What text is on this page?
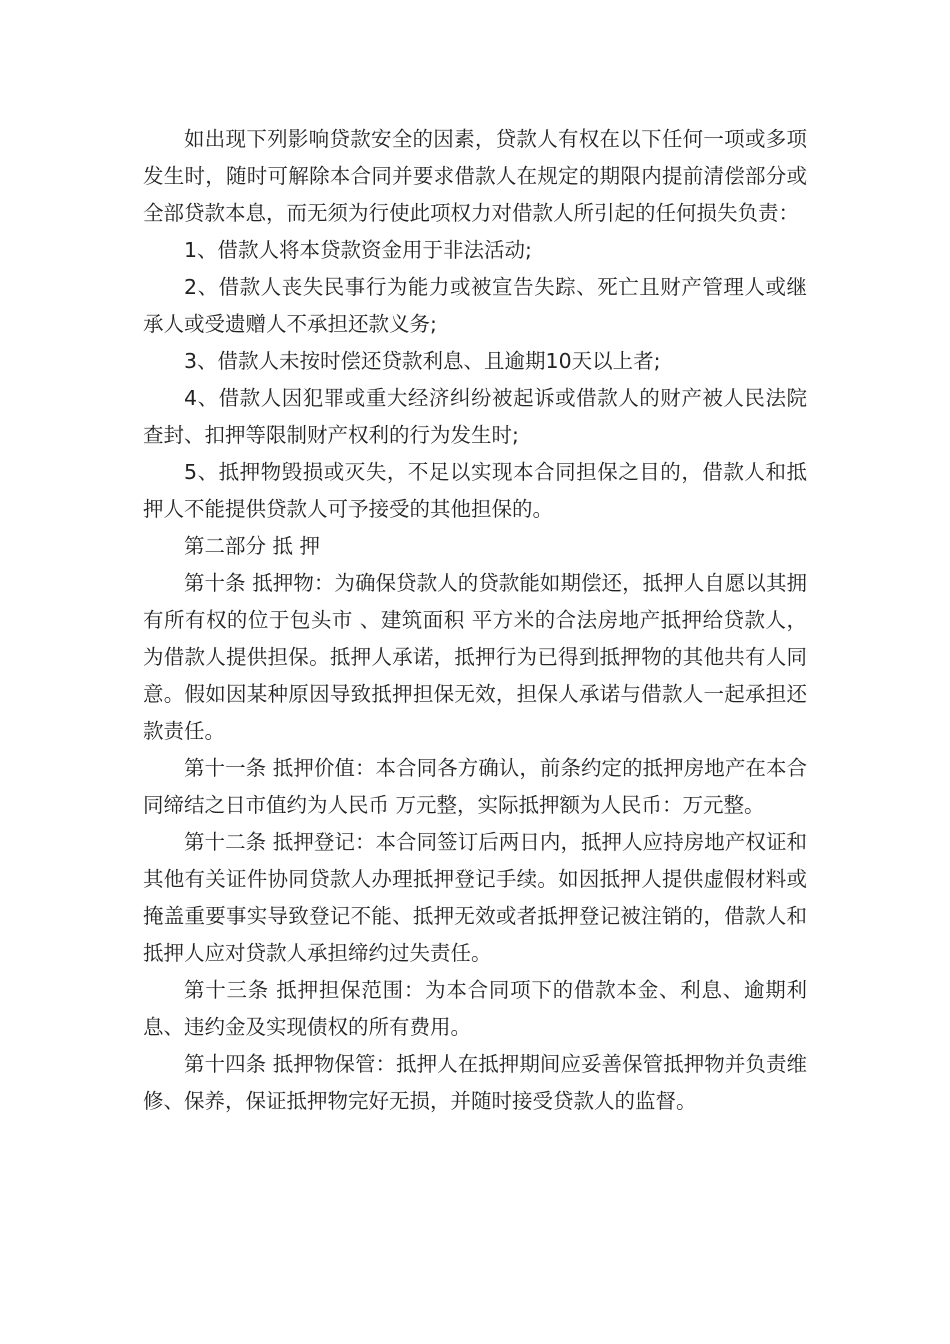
如出现下列影响贷款安全的因素，贷款人有权在以下任何一项或多项发生时，随时可解除本合同并要求借款人在规定的期限内提前清偿部分或全部贷款本息，而无须为行使此项权力对借款人所引起的任何损失负责：

1、借款人将本贷款资金用于非法活动;

2、借款人丧失民事行为能力或被宣告失踪、死亡且财产管理人或继承人或受遗赠人不承担还款义务;

3、借款人未按时偿还贷款利息、且逾期10天以上者;

4、借款人因犯罪或重大经济纠纷被起诉或借款人的财产被人民法院查封、扣押等限制财产权利的行为发生时;

5、抵押物毁损或灭失，不足以实现本合同担保之目的，借款人和抵押人不能提供贷款人可予接受的其他担保的。

第二部分 抵 押

第十条 抵押物：为确保贷款人的贷款能如期偿还，抵押人自愿以其拥有所有权的位于包头市 、建筑面积 平方米的合法房地产抵押给贷款人，为借款人提供担保。抵押人承诺，抵押行为已得到抵押物的其他共有人同意。假如因某种原因导致抵押担保无效，担保人承诺与借款人一起承担还款责任。

第十一条 抵押价值：本合同各方确认，前条约定的抵押房地产在本合同缔结之日市值约为人民币 万元整，实际抵押额为人民币：万元整。

第十二条 抵押登记：本合同签订后两日内，抵押人应持房地产权证和其他有关证件协同贷款人办理抵押登记手续。如因抵押人提供虚假材料或掩盖重要事实导致登记不能、抵押无效或者抵押登记被注销的，借款人和抵押人应对贷款人承担缔约过失责任。

第十三条 抵押担保范围：为本合同项下的借款本金、利息、逾期利息、违约金及实现债权的所有费用。

第十四条 抵押物保管：抵押人在抵押期间应妥善保管抵押物并负责维修、保养，保证抵押物完好无损，并随时接受贷款人的监督。
